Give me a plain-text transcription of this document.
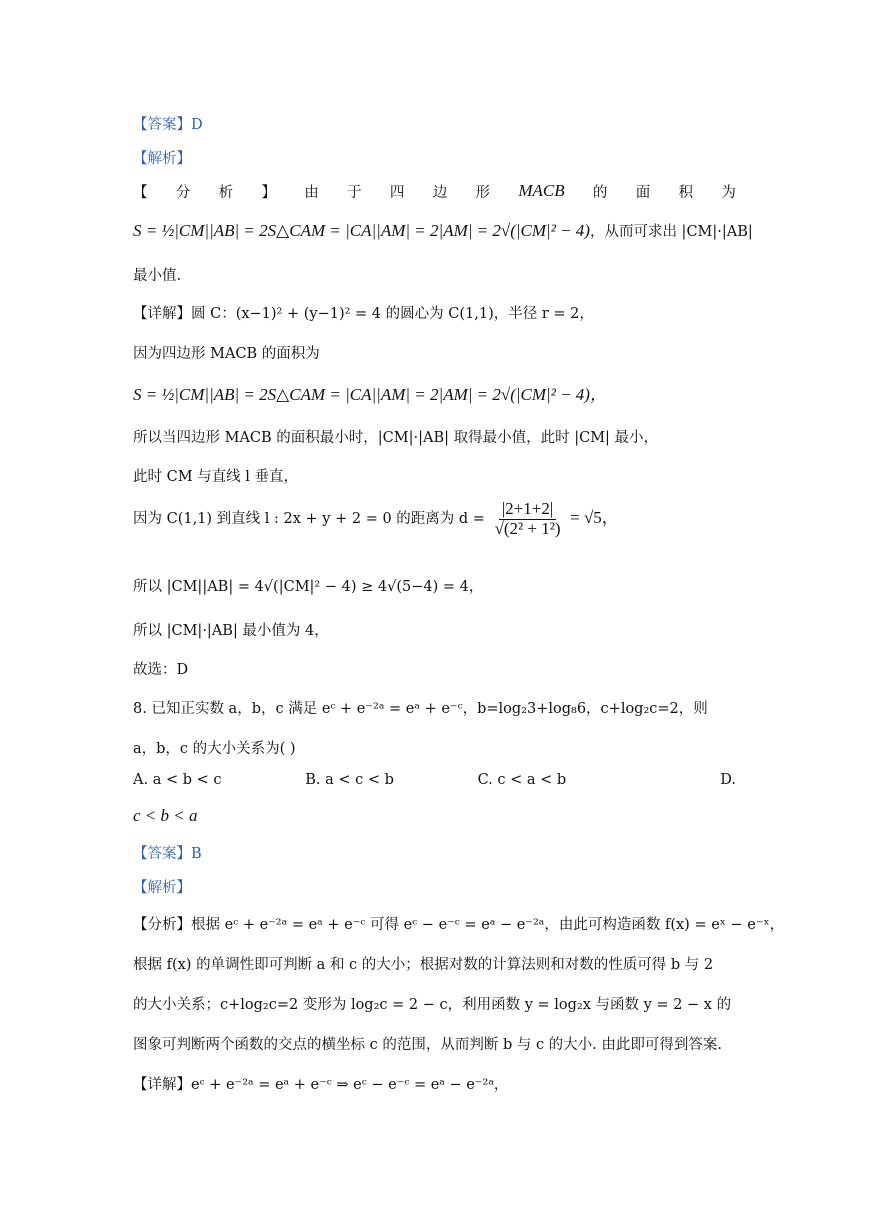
【答案】D
【解析】
【 分 析 】 由 于 四 边 形 MACB 的 面 积 为
S = ½|CM||AB| = 2S△CAM = |CA||AM| = 2|AM| = 2√(|CM|² − 4)，从而可求出 |CM|·|AB|
最小值.
【详解】圆 C：(x−1)² + (y−1)² = 4 的圆心为 C(1,1)，半径 r = 2，
因为四边形 MACB 的面积为
S = ½|CM||AB| = 2S△CAM = |CA||AM| = 2|AM| = 2√(|CM|² − 4)，
所以当四边形 MACB 的面积最小时，|CM|·|AB| 取得最小值，此时 |CM| 最小，
此时 CM 与直线 l 垂直，
因为 C(1,1) 到直线 l : 2x + y + 2 = 0 的距离为 $d = \frac{|2+1+2|}{\text{√(2² + 1²)}} = √5$，
所以 |CM||AB| = 4√(|CM|² − 4) ≥ 4√(5−4) = 4，
所以 |CM|·|AB| 最小值为 4，
故选：D
8. 已知正实数 a，b，c 满足 eᶜ + e⁻²ᵃ = eᵃ + e⁻ᶜ，b=log₂3+log₈6，c+log₂c=2，则
a，b，c 的大小关系为( )
A. a < b < c	B. a < c < b	C. c < a < b	D.
c < b < a
【答案】B
【解析】
【分析】根据 eᶜ + e⁻²ᵃ = eᵃ + e⁻ᶜ 可得 eᶜ − e⁻ᶜ = eᵃ − e⁻²ᵃ，由此可构造函数 f(x) = eˣ − e⁻ˣ，
根据 f(x) 的单调性即可判断 a 和 c 的大小；根据对数的计算法则和对数的性质可得 b 与 2
的大小关系；c+log₂c=2 变形为 log₂c = 2 − c，利用函数 y = log₂x 与函数 y = 2 − x 的
图象可判断两个函数的交点的横坐标 c 的范围，从而判断 b 与 c 的大小. 由此即可得到答案.
【详解】eᶜ + e⁻²ᵃ = eᵃ + e⁻ᶜ ⇒ eᶜ − e⁻ᶜ = eᵃ − e⁻²ᵃ，
